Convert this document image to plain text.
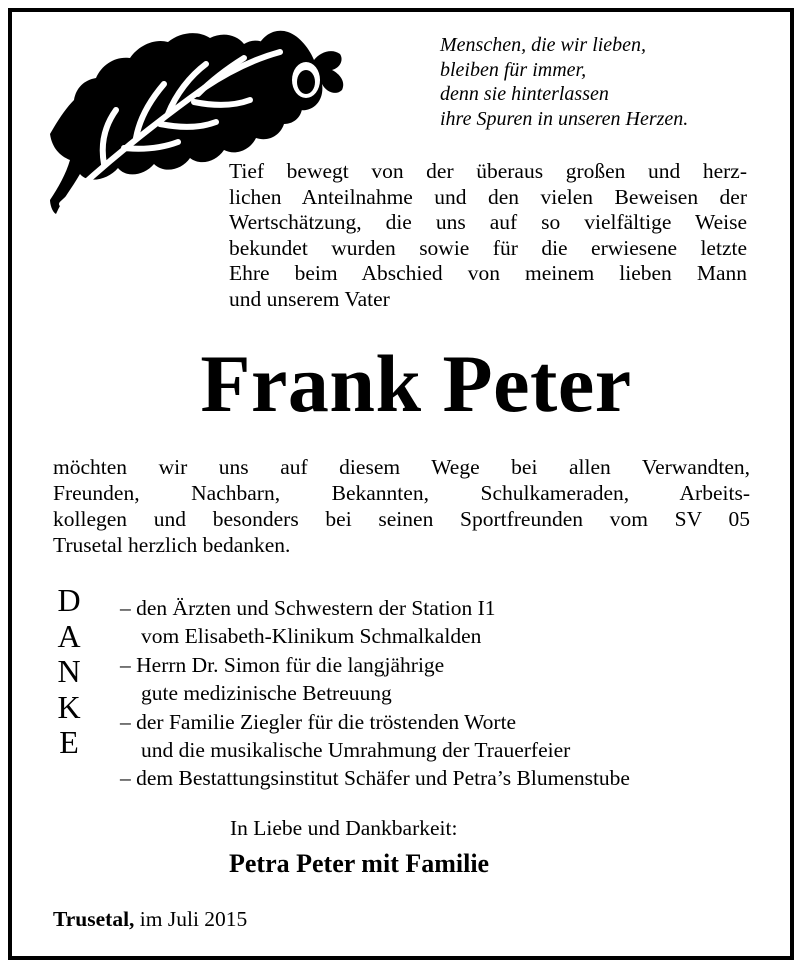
Menschen, die wir lieben,
bleiben für immer,
denn sie hinterlassen
ihre Spuren in unseren Herzen.
Tief bewegt von der überaus großen und herz-
lichen Anteilnahme und den vielen Beweisen der
Wertschätzung, die uns auf so vielfältige Weise
bekundet wurden sowie für die erwiesene letzte
Ehre beim Abschied von meinem lieben Mann
und unserem Vater
Frank Peter
möchten wir uns auf diesem Wege bei allen Verwandten,
Freunden, Nachbarn, Bekannten, Schulkameraden, Arbeits-
kollegen und besonders bei seinen Sportfreunden vom SV 05
Trusetal herzlich bedanken.
D
A
N
K
E
– den Ärzten und Schwestern der Station I1
vom Elisabeth-Klinikum Schmalkalden
– Herrn Dr. Simon für die langjährige
gute medizinische Betreuung
– der Familie Ziegler für die tröstenden Worte
und die musikalische Umrahmung der Trauerfeier
– dem Bestattungsinstitut Schäfer und Petra’s Blumenstube
In Liebe und Dankbarkeit:
Petra Peter mit Familie
Trusetal, im Juli 2015
